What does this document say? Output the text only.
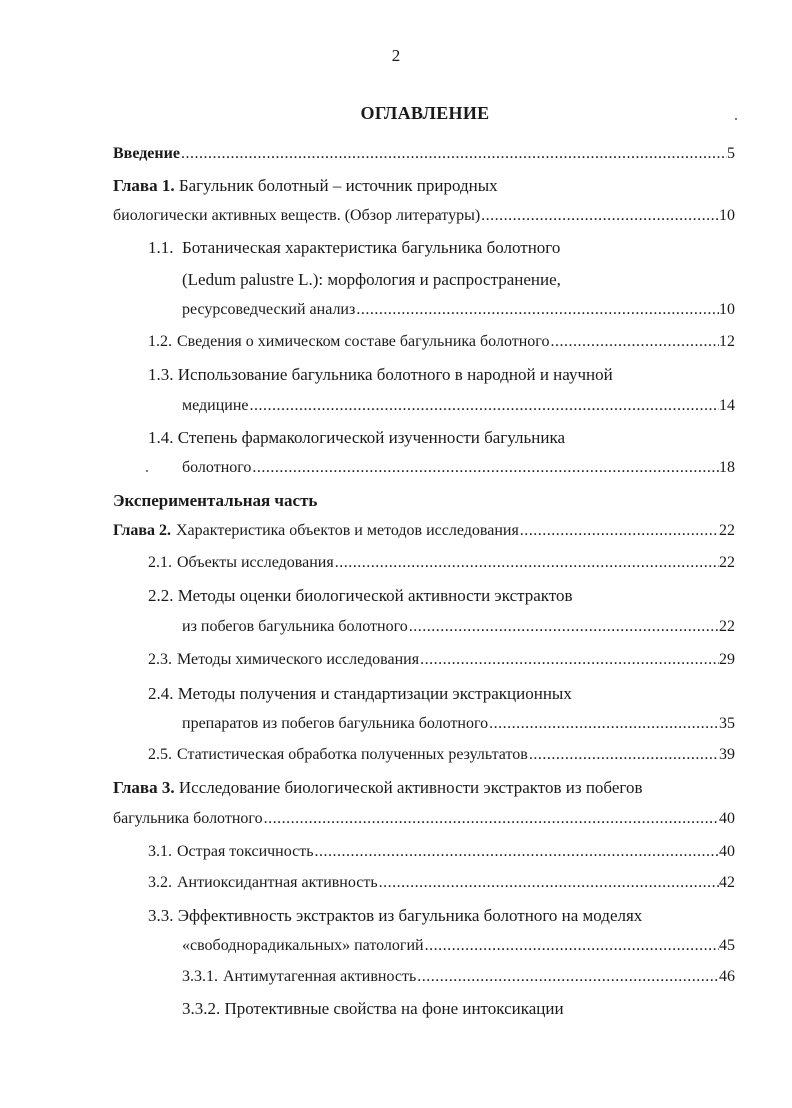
2
ОГЛАВЛЕНИЕ
Введение .....	5
Глава 1. Багульник болотный – источник природных
биологически активных веществ. (Обзор литературы) .....	10
1.1. Ботаническая характеристика багульника болотного
(Ledum palustre L.): морфология и распространение,
ресурсоведческий анализ .....	10
1.2. Сведения о химическом составе багульника болотного .....	12
1.3. Использование багульника болотного в народной и научной
медицине .....	14
1.4. Степень фармакологической изученности багульника
болотного .....	18
Экспериментальная часть
Глава 2. Характеристика объектов и методов исследования .....	22
2.1. Объекты исследования .....	22
2.2. Методы оценки биологической активности экстрактов
из побегов багульника болотного .....	22
2.3. Методы химического исследования .....	29
2.4. Методы получения и стандартизации экстракционных
препаратов из побегов багульника болотного .....	35
2.5. Статистическая обработка полученных результатов .....	39
Глава 3. Исследование биологической активности экстрактов из побегов
багульника болотного .....	40
3.1. Острая токсичность .....	40
3.2. Антиоксидантная активность .....	42
3.3. Эффективность экстрактов из багульника болотного на моделях
«свободнорадикальных» патологий .....	45
3.3.1. Антимутагенная активность .....	46
3.3.2. Протективные свойства на фоне интоксикации
